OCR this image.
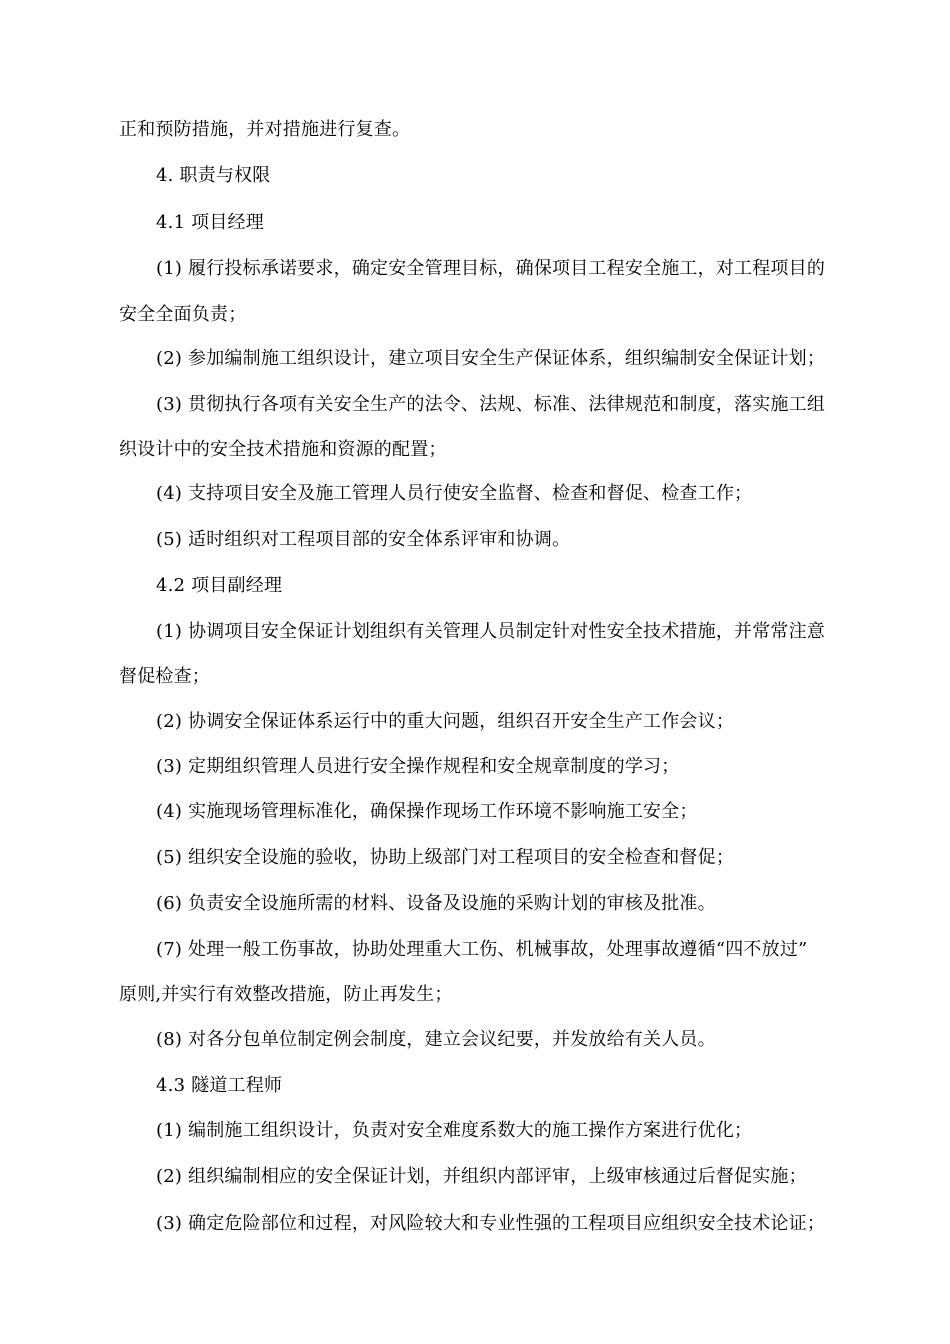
正和预防措施，并对措施进行复查。
4. 职责与权限
4.1 项目经理
(1) 履行投标承诺要求，确定安全管理目标，确保项目工程安全施工，对工程项目的
安全全面负责；
(2) 参加编制施工组织设计，建立项目安全生产保证体系，组织编制安全保证计划；
(3) 贯彻执行各项有关安全生产的法令、法规、标准、法律规范和制度，落实施工组
织设计中的安全技术措施和资源的配置；
(4) 支持项目安全及施工管理人员行使安全监督、检查和督促、检查工作；
(5) 适时组织对工程项目部的安全体系评审和协调。
4.2 项目副经理
(1) 协调项目安全保证计划组织有关管理人员制定针对性安全技术措施，并常常注意
督促检查；
(2) 协调安全保证体系运行中的重大问题，组织召开安全生产工作会议；
(3) 定期组织管理人员进行安全操作规程和安全规章制度的学习；
(4) 实施现场管理标准化，确保操作现场工作环境不影响施工安全；
(5) 组织安全设施的验收，协助上级部门对工程项目的安全检查和督促；
(6) 负责安全设施所需的材料、设备及设施的采购计划的审核及批准。
(7) 处理一般工伤事故，协助处理重大工伤、机械事故，处理事故遵循“四不放过”
原则,并实行有效整改措施，防止再发生；
(8) 对各分包单位制定例会制度，建立会议纪要，并发放给有关人员。
4.3 隧道工程师
(1) 编制施工组织设计，负责对安全难度系数大的施工操作方案进行优化；
(2) 组织编制相应的安全保证计划，并组织内部评审，上级审核通过后督促实施；
(3) 确定危险部位和过程，对风险较大和专业性强的工程项目应组织安全技术论证；
